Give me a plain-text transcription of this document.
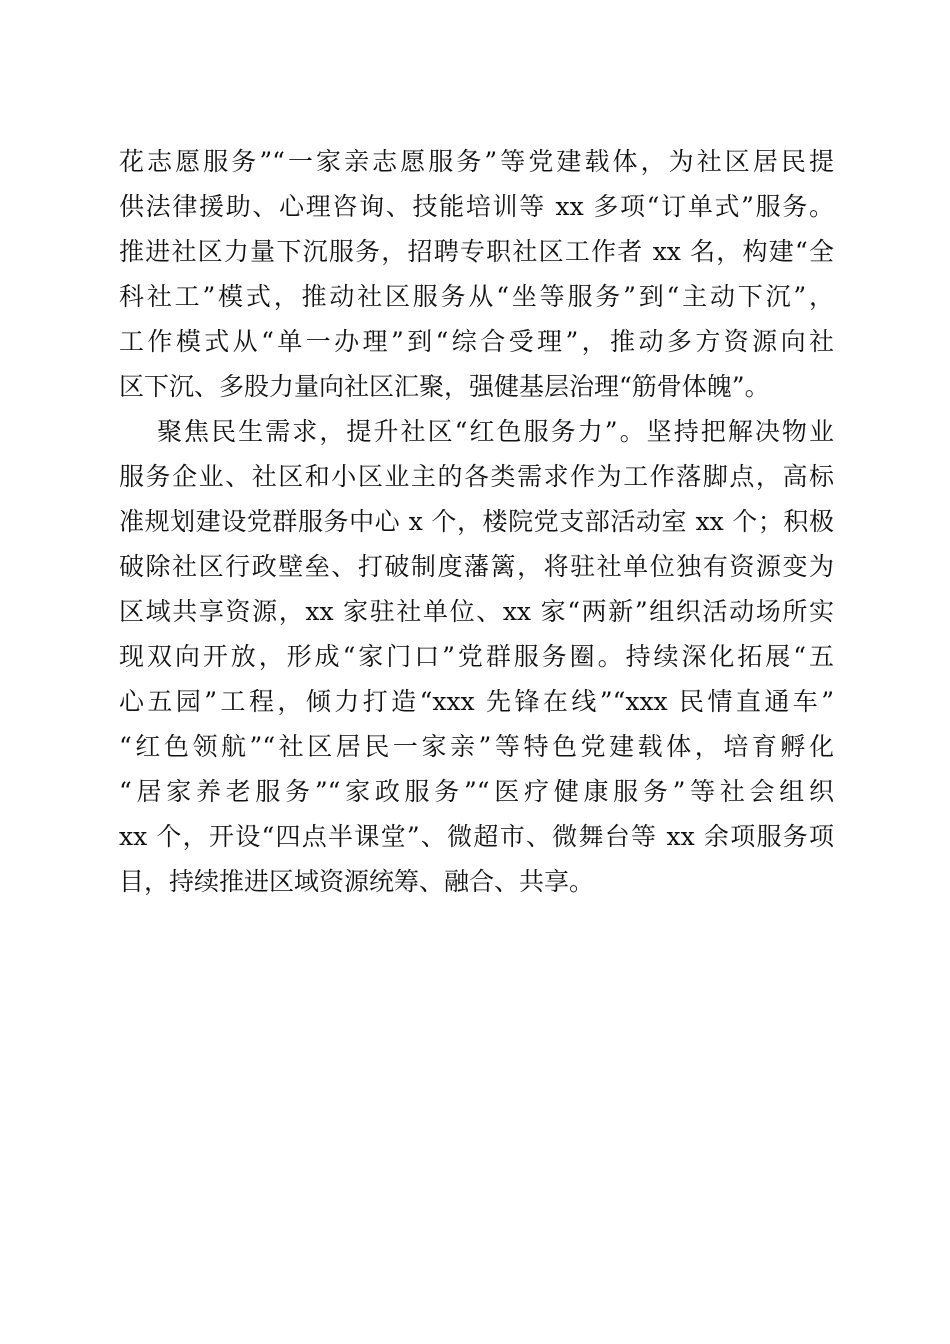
花志愿服务”“一家亲志愿服务”等党建载体，为社区居民提
供法律援助、心理咨询、技能培训等 xx 多项“订单式”服务。
推进社区力量下沉服务，招聘专职社区工作者 xx 名，构建“全
科社工”模式，推动社区服务从“坐等服务”到“主动下沉”，
工作模式从“单一办理”到“综合受理”，推动多方资源向社
区下沉、多股力量向社区汇聚，强健基层治理“筋骨体魄”。
聚焦民生需求，提升社区“红色服务力”。坚持把解决物业
服务企业、社区和小区业主的各类需求作为工作落脚点，高标
准规划建设党群服务中心 x 个，楼院党支部活动室 xx 个；积极
破除社区行政壁垒、打破制度藩篱，将驻社单位独有资源变为
区域共享资源，xx 家驻社单位、xx 家“两新”组织活动场所实
现双向开放，形成“家门口”党群服务圈。持续深化拓展“五
心五园”工程，倾力打造“xxx 先锋在线”“xxx 民情直通车”
“红色领航”“社区居民一家亲”等特色党建载体，培育孵化
“居家养老服务”“家政服务”“医疗健康服务”等社会组织
xx 个，开设“四点半课堂”、微超市、微舞台等 xx 余项服务项
目，持续推进区域资源统筹、融合、共享。
